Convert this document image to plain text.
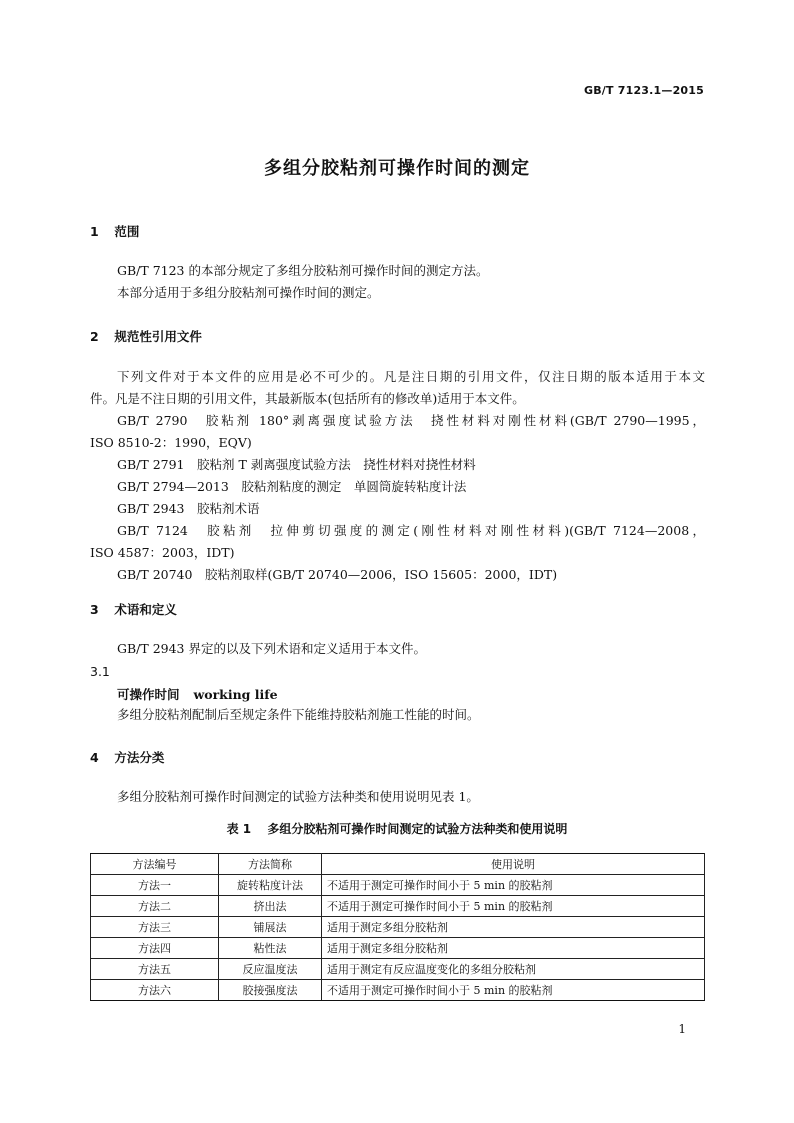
GB/T 7123.1—2015
多组分胶粘剂可操作时间的测定
1 范围
GB/T 7123 的本部分规定了多组分胶粘剂可操作时间的测定方法。
本部分适用于多组分胶粘剂可操作时间的测定。
2 规范性引用文件
下列文件对于本文件的应用是必不可少的。凡是注日期的引用文件，仅注日期的版本适用于本文
件。凡是不注日期的引用文件，其最新版本(包括所有的修改单)适用于本文件。
GB/T 2790　胶粘剂 180°剥离强度试验方法　挠性材料对刚性材料(GB/T 2790—1995，
ISO 8510-2：1990，EQV)
GB/T 2791　胶粘剂 T 剥离强度试验方法　挠性材料对挠性材料
GB/T 2794—2013　胶粘剂粘度的测定　单圆筒旋转粘度计法
GB/T 2943　胶粘剂术语
GB/T 7124　胶粘剂　拉伸剪切强度的测定(刚性材料对刚性材料)(GB/T 7124—2008，
ISO 4587：2003，IDT)
GB/T 20740　胶粘剂取样(GB/T 20740—2006，ISO 15605：2000，IDT)
3 术语和定义
GB/T 2943 界定的以及下列术语和定义适用于本文件。
3.1
可操作时间 working life
多组分胶粘剂配制后至规定条件下能维持胶粘剂施工性能的时间。
4 方法分类
多组分胶粘剂可操作时间测定的试验方法种类和使用说明见表 1。
表 1 多组分胶粘剂可操作时间测定的试验方法种类和使用说明
方法编号	方法简称	使用说明
方法一	旋转粘度计法	不适用于测定可操作时间小于 5 min 的胶粘剂
方法二	挤出法	不适用于测定可操作时间小于 5 min 的胶粘剂
方法三	铺展法	适用于测定多组分胶粘剂
方法四	粘性法	适用于测定多组分胶粘剂
方法五	反应温度法	适用于测定有反应温度变化的多组分胶粘剂
方法六	胶接强度法	不适用于测定可操作时间小于 5 min 的胶粘剂
1
